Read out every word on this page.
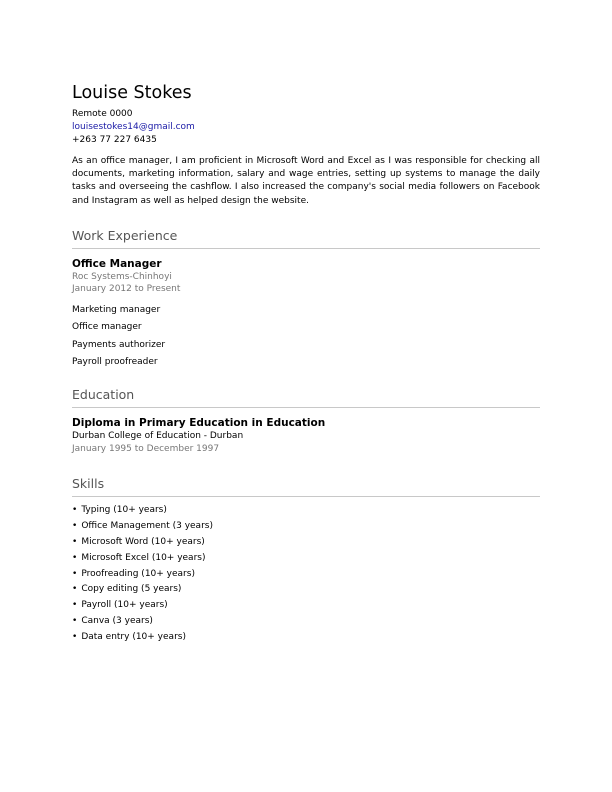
Louise Stokes
Remote 0000
louisestokes14@gmail.com
+263 77 227 6435
As an office manager, I am proficient in Microsoft Word and Excel as I was responsible for checking all documents, marketing information, salary and wage entries, setting up systems to manage the daily tasks and overseeing the cashflow. I also increased the company's social media followers on Facebook and Instagram as well as helped design the website.
Work Experience
Office Manager
Roc Systems-Chinhoyi
January 2012 to Present
Marketing manager
Office manager
Payments authorizer
Payroll proofreader
Education
Diploma in Primary Education in Education
Durban College of Education - Durban
January 1995 to December 1997
Skills
• Typing (10+ years)
• Office Management (3 years)
• Microsoft Word (10+ years)
• Microsoft Excel (10+ years)
• Proofreading (10+ years)
• Copy editing (5 years)
• Payroll (10+ years)
• Canva (3 years)
• Data entry (10+ years)
